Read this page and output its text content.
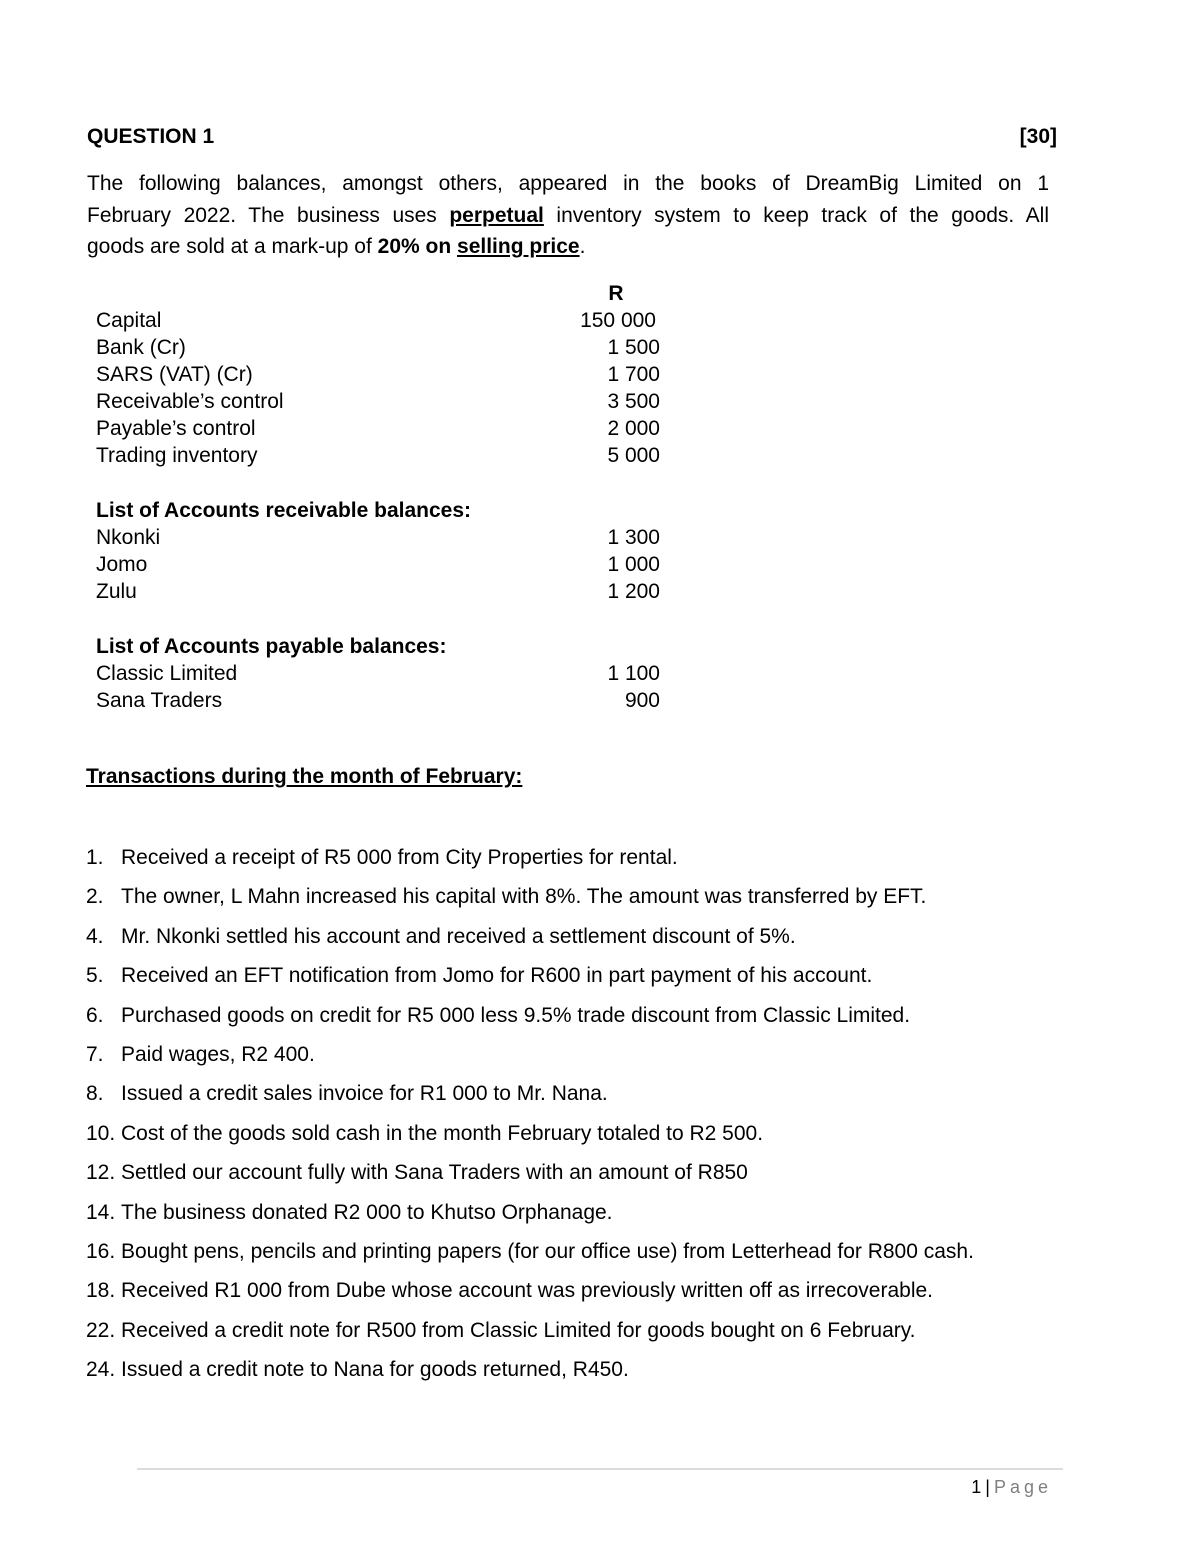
QUESTION 1	[30]
The following balances, amongst others, appeared in the books of DreamBig Limited on 1
February 2022. The business uses perpetual inventory system to keep track of the goods. All
goods are sold at a mark-up of 20% on selling price.
R
Capital	150 000
Bank (Cr)	1 500
SARS (VAT) (Cr)	1 700
Receivable’s control	3 500
Payable’s control	2 000
Trading inventory	5 000
List of Accounts receivable balances:
Nkonki	1 300
Jomo	1 000
Zulu	1 200
List of Accounts payable balances:
Classic Limited	1 100
Sana Traders	900
Transactions during the month of February:
1. Received a receipt of R5 000 from City Properties for rental.
2. The owner, L Mahn increased his capital with 8%. The amount was transferred by EFT.
4. Mr. Nkonki settled his account and received a settlement discount of 5%.
5. Received an EFT notification from Jomo for R600 in part payment of his account.
6. Purchased goods on credit for R5 000 less 9.5% trade discount from Classic Limited.
7. Paid wages, R2 400.
8. Issued a credit sales invoice for R1 000 to Mr. Nana.
10. Cost of the goods sold cash in the month February totaled to R2 500.
12. Settled our account fully with Sana Traders with an amount of R850
14. The business donated R2 000 to Khutso Orphanage.
16. Bought pens, pencils and printing papers (for our office use) from Letterhead for R800 cash.
18. Received R1 000 from Dube whose account was previously written off as irrecoverable.
22. Received a credit note for R500 from Classic Limited for goods bought on 6 February.
24. Issued a credit note to Nana for goods returned, R450.
1 | Page
